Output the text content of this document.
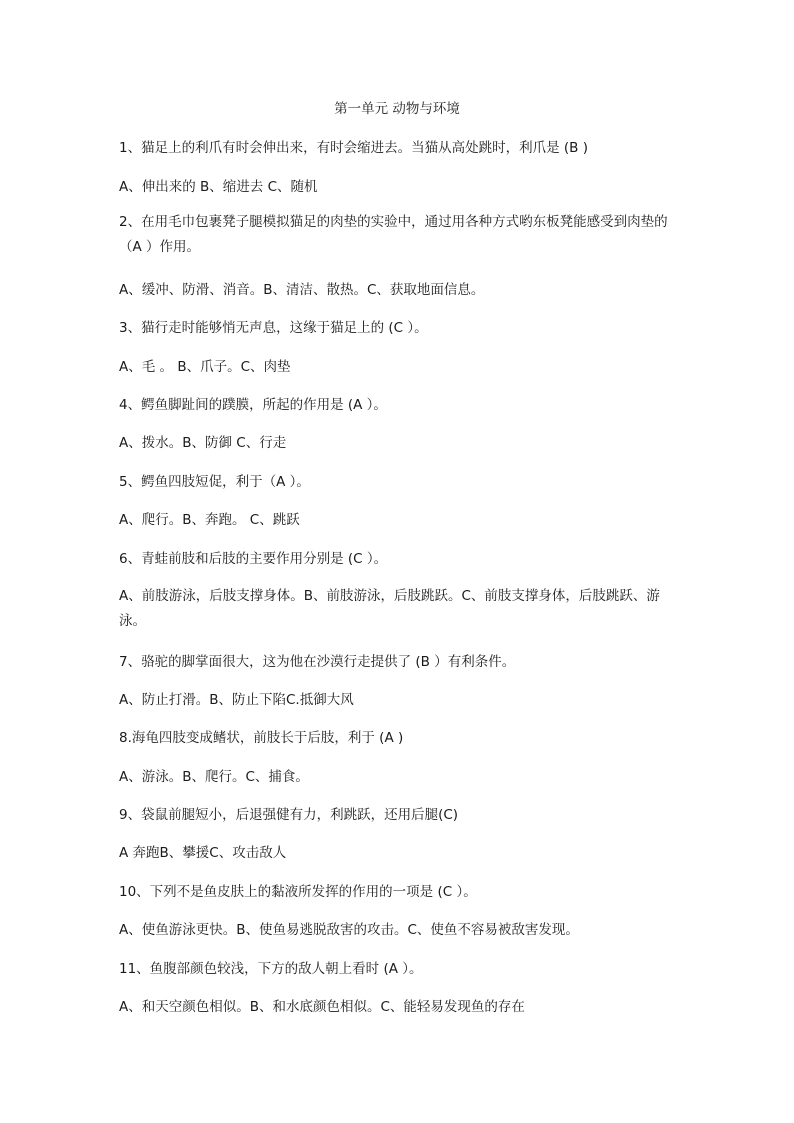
第一单元 动物与环境
1、猫足上的利爪有时会伸出来，有时会缩进去。当猫从高处跳时，利爪是 (B )
A、伸出来的 B、缩进去 C、随机
2、在用毛巾包裹凳子腿模拟猫足的肉垫的实验中，通过用各种方式哟东板凳能感受到肉垫的（A ）作用。
A、缓冲、防滑、消音。B、清洁、散热。C、获取地面信息。
3、猫行走时能够悄无声息，这缘于猫足上的 (C ）。
A、毛 。 B、爪子。C、肉垫
4、鳄鱼脚趾间的蹼膜，所起的作用是 (A ）。
A、拨水。B、防御 C、行走
5、鳄鱼四肢短促，利于（A ）。
A、爬行。B、奔跑。 C、跳跃
6、青蛙前肢和后肢的主要作用分别是 (C ）。
A、前肢游泳，后肢支撑身体。B、前肢游泳，后肢跳跃。C、前肢支撑身体，后肢跳跃、游泳。
7、骆驼的脚掌面很大，这为他在沙漠行走提供了 (B ）有利条件。
A、防止打滑。B、防止下陷C.抵御大风
8.海龟四肢变成鳍状，前肢长于后肢，利于 (A )
A、游泳。B、爬行。C、捕食。
9、袋鼠前腿短小，后退强健有力，利跳跃，还用后腿(C)
A 奔跑B、攀援C、攻击敌人
10、下列不是鱼皮肤上的黏液所发挥的作用的一项是 (C ）。
A、使鱼游泳更快。B、使鱼易逃脱敌害的攻击。C、使鱼不容易被敌害发现。
11、鱼腹部颜色较浅，下方的敌人朝上看时 (A ）。
A、和天空颜色相似。B、和水底颜色相似。C、能轻易发现鱼的存在
